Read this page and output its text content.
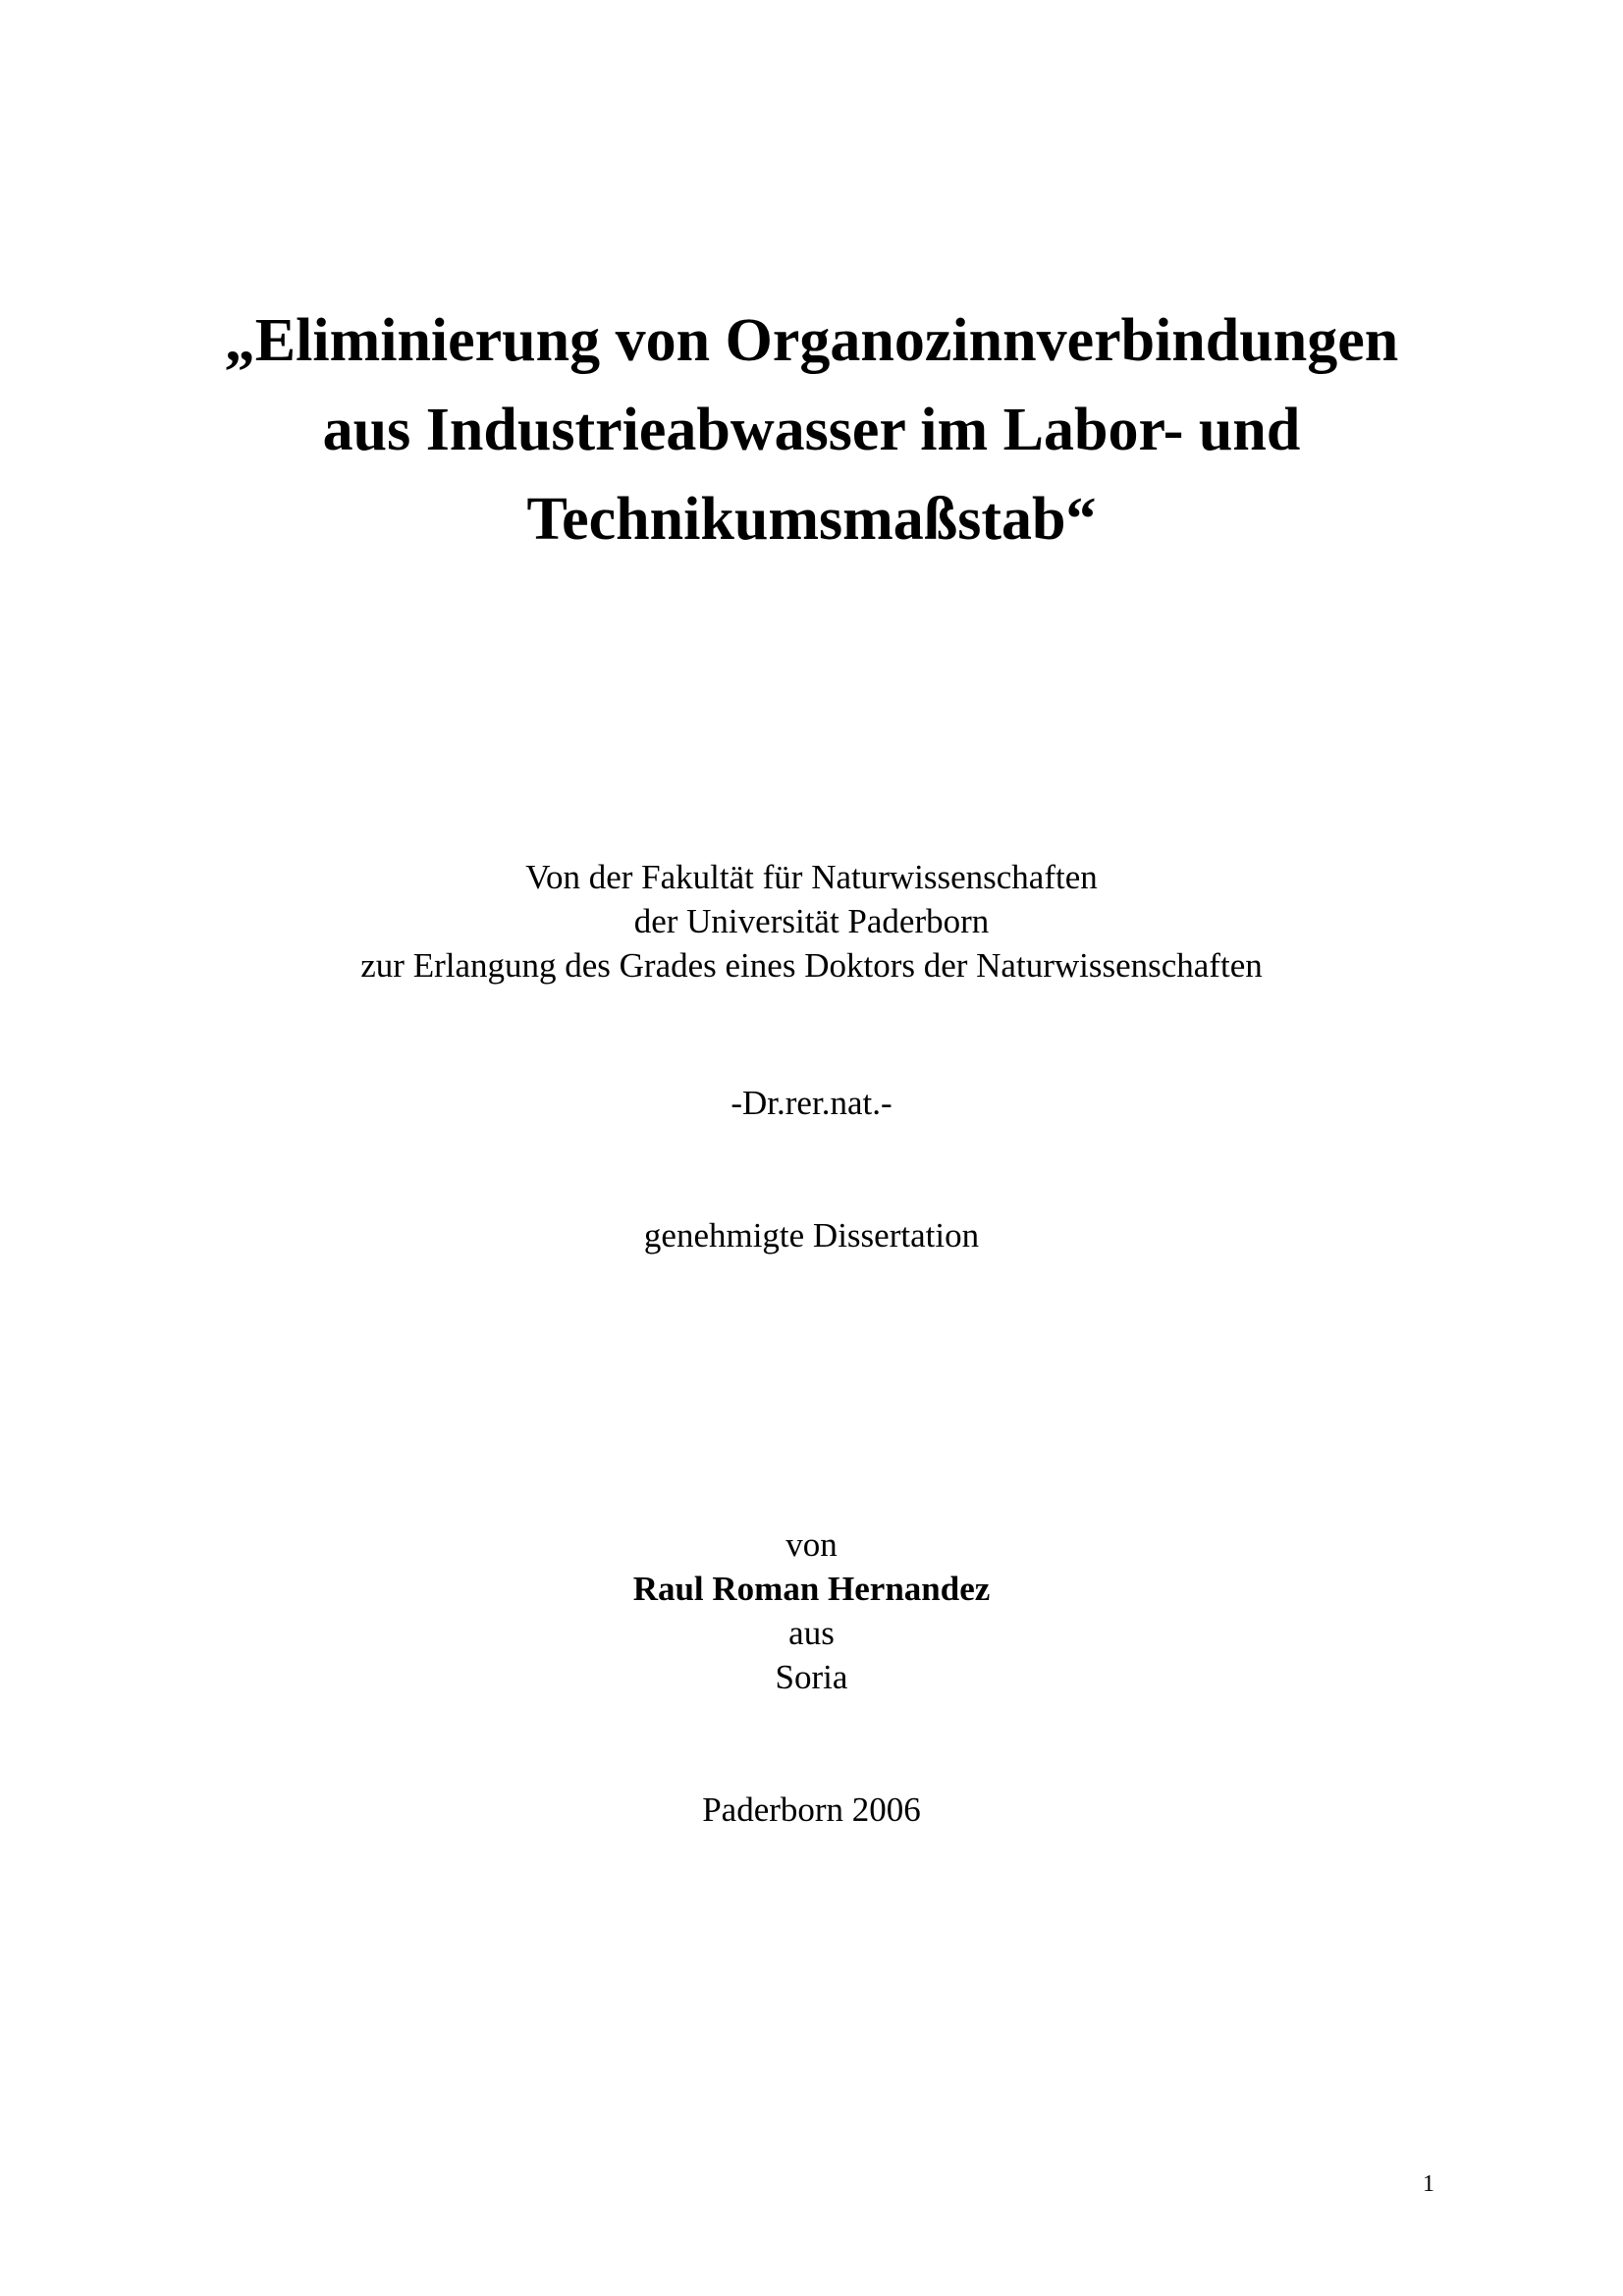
„Eliminierung von Organozinnverbindungen
aus Industrieabwasser im Labor- und
Technikumsmaßstab“
Von der Fakultät für Naturwissenschaften
der Universität Paderborn
zur Erlangung des Grades eines Doktors der Naturwissenschaften
-Dr.rer.nat.-
genehmigte Dissertation
von
Raul Roman Hernandez
aus
Soria
Paderborn 2006
1
